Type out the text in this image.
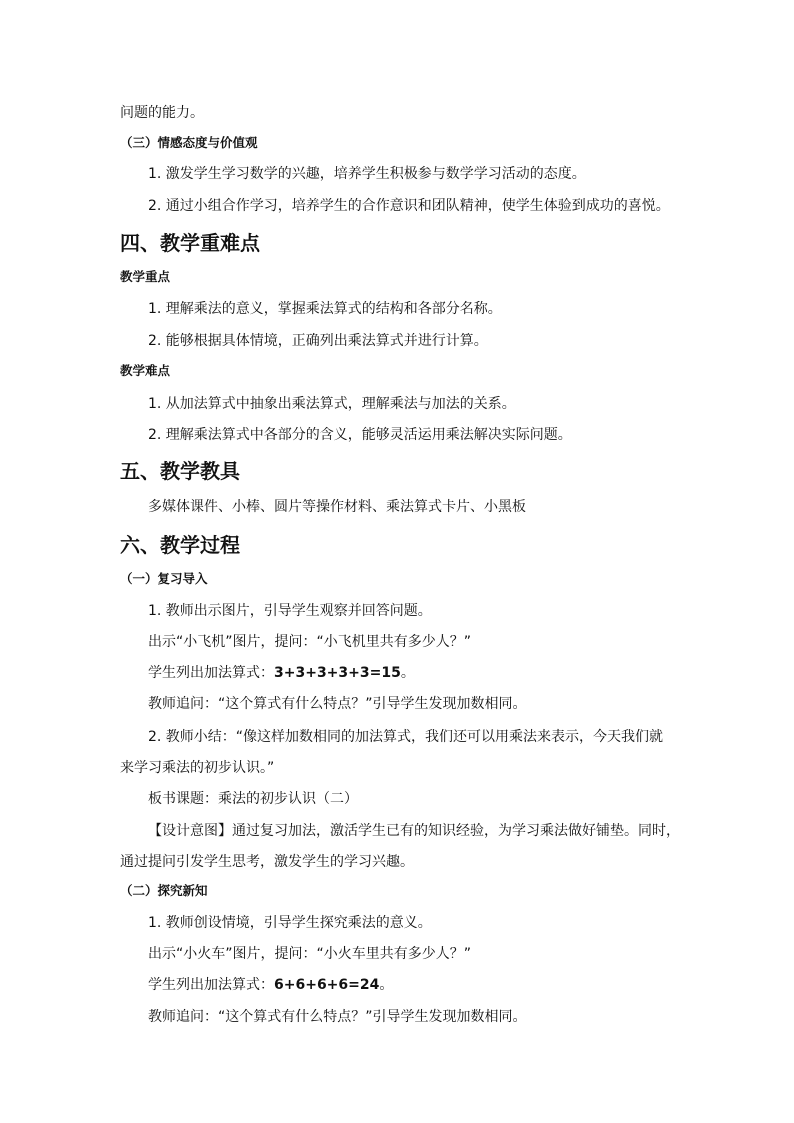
问题的能力。
（三）情感态度与价值观
1. 激发学生学习数学的兴趣，培养学生积极参与数学学习活动的态度。
2. 通过小组合作学习，培养学生的合作意识和团队精神，使学生体验到成功的喜悦。
四、教学重难点
教学重点
1. 理解乘法的意义，掌握乘法算式的结构和各部分名称。
2. 能够根据具体情境，正确列出乘法算式并进行计算。
教学难点
1. 从加法算式中抽象出乘法算式，理解乘法与加法的关系。
2. 理解乘法算式中各部分的含义，能够灵活运用乘法解决实际问题。
五、教学教具
多媒体课件、小棒、圆片等操作材料、乘法算式卡片、小黑板
六、教学过程
（一）复习导入
1. 教师出示图片，引导学生观察并回答问题。
出示“小飞机”图片，提问：“小飞机里共有多少人？”
学生列出加法算式：3+3+3+3+3=15。
教师追问：“这个算式有什么特点？”引导学生发现加数相同。
2. 教师小结：“像这样加数相同的加法算式，我们还可以用乘法来表示，今天我们就
来学习乘法的初步认识。”
板书课题：乘法的初步认识（二）
【设计意图】通过复习加法，激活学生已有的知识经验，为学习乘法做好铺垫。同时，
通过提问引发学生思考，激发学生的学习兴趣。
（二）探究新知
1. 教师创设情境，引导学生探究乘法的意义。
出示“小火车”图片，提问：“小火车里共有多少人？”
学生列出加法算式：6+6+6+6=24。
教师追问：“这个算式有什么特点？”引导学生发现加数相同。
